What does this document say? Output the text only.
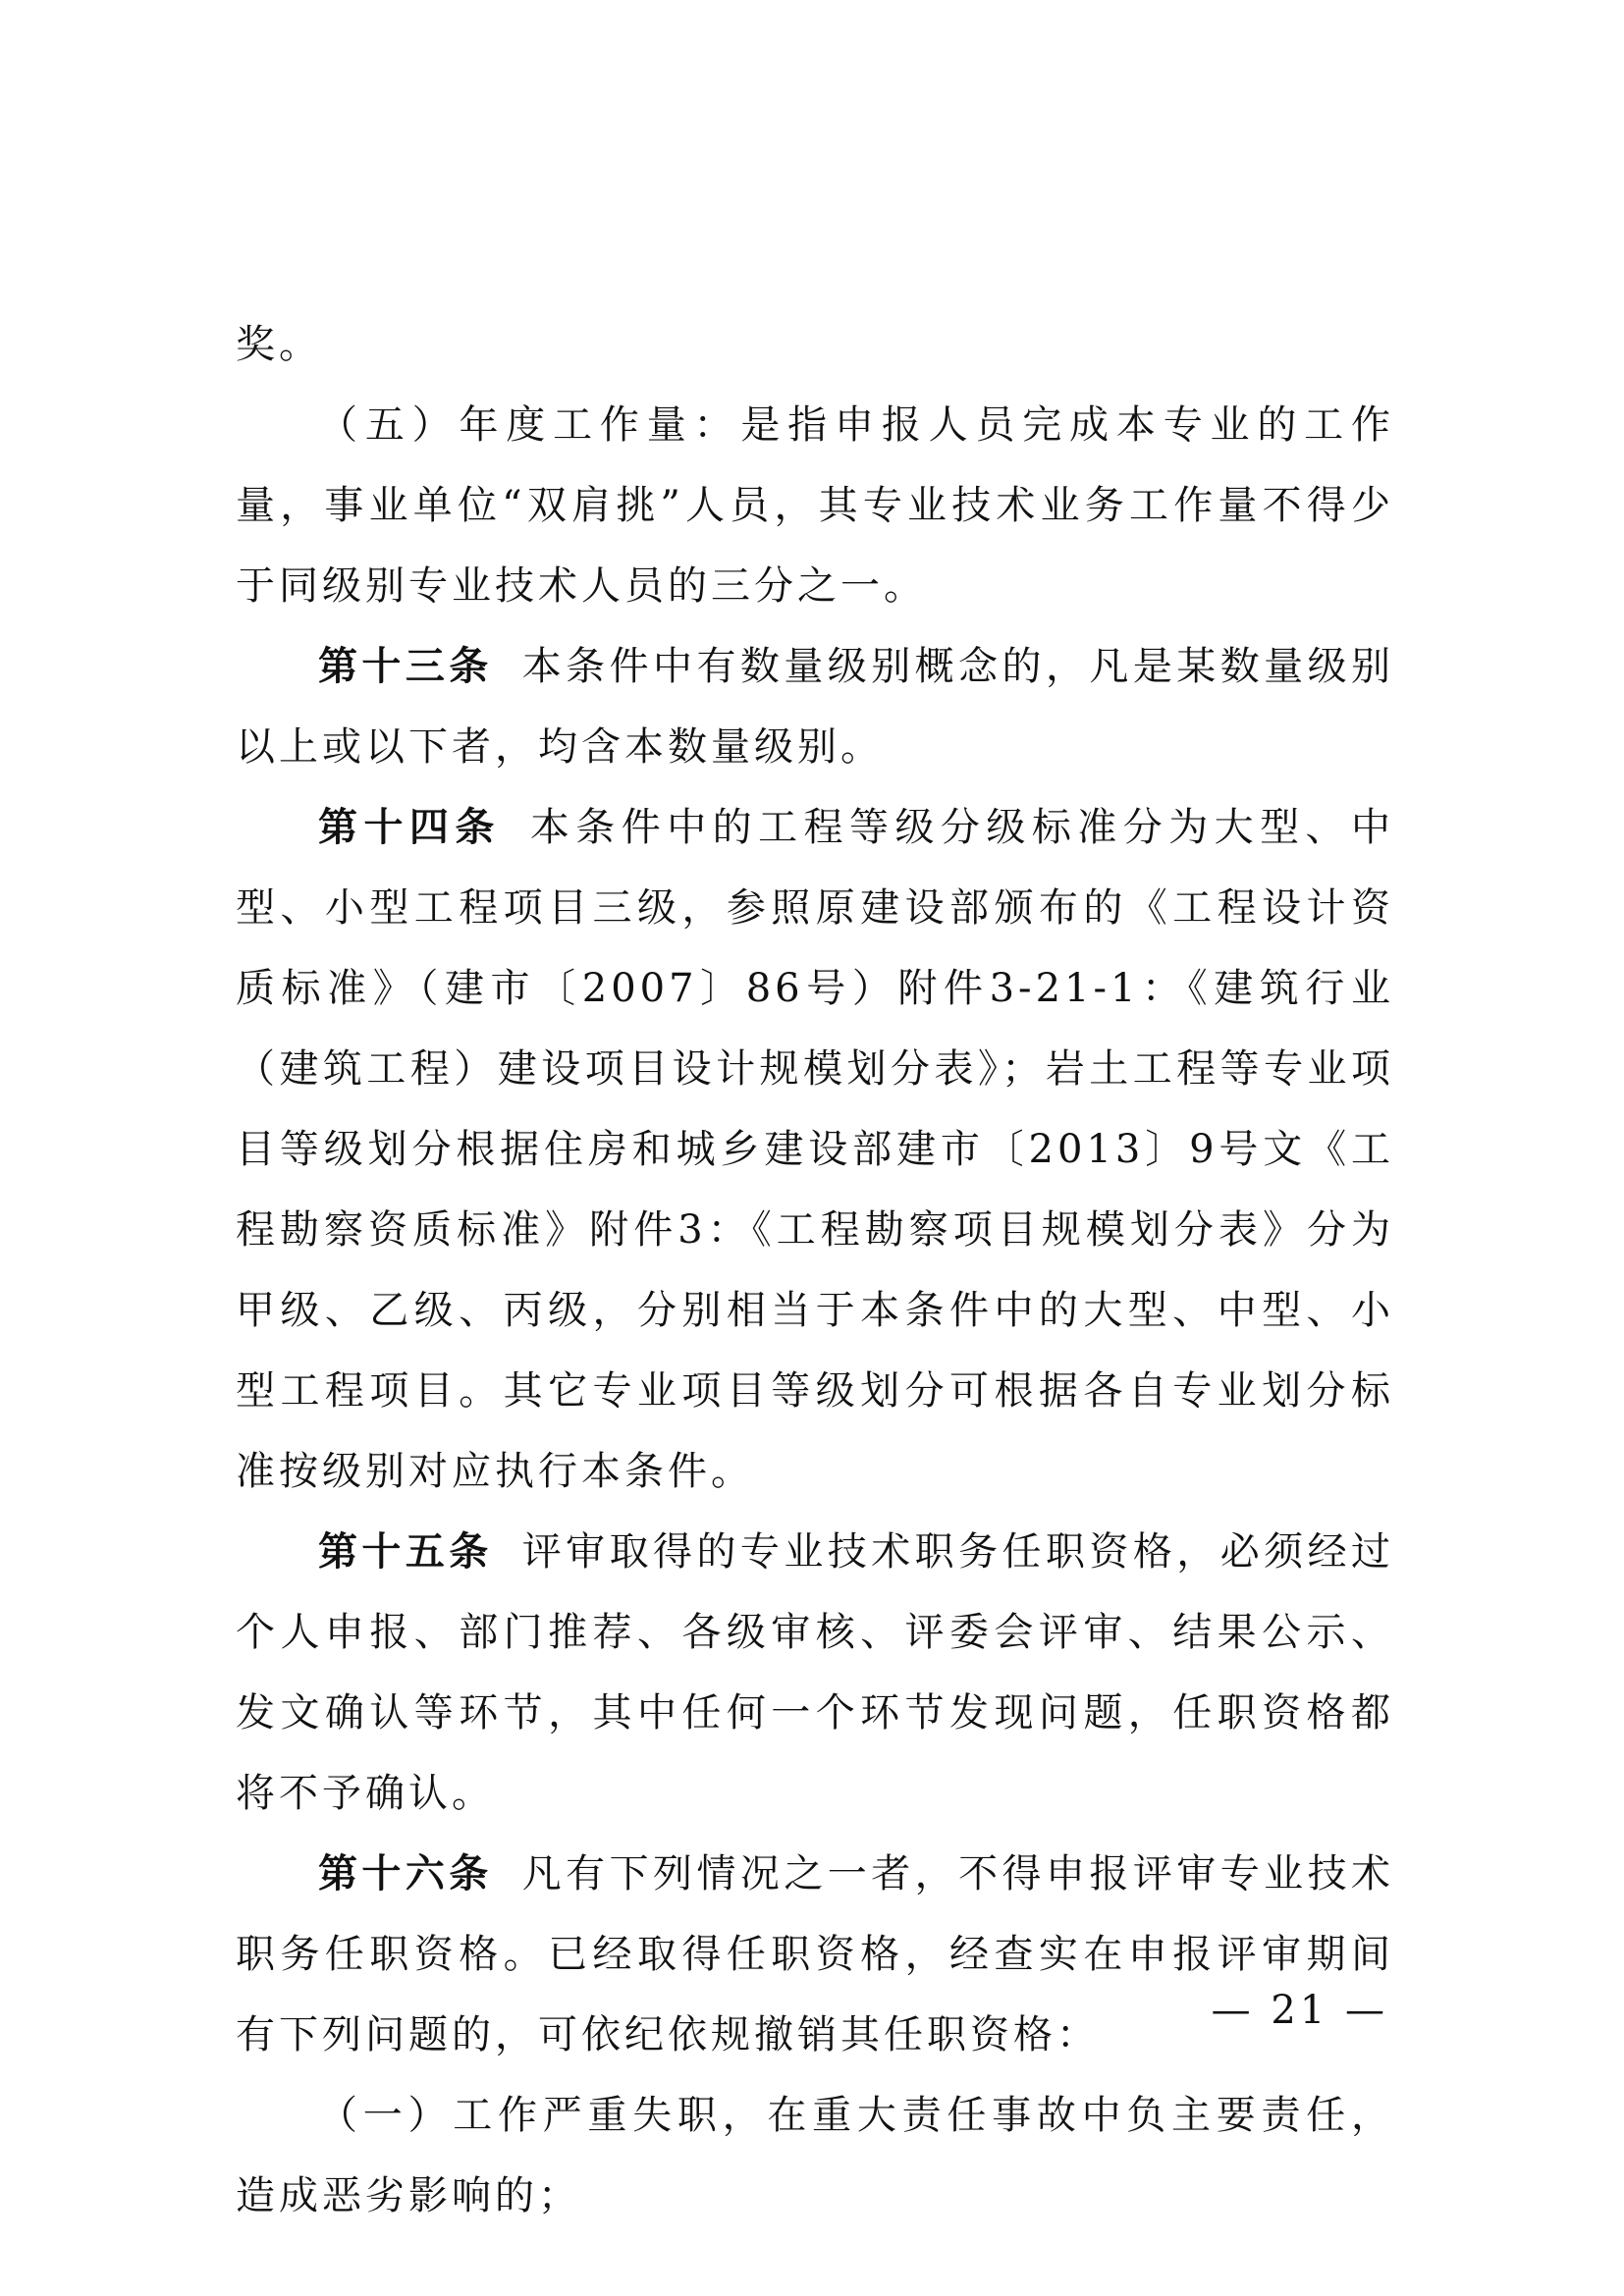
奖。

（五）年度工作量：是指申报人员完成本专业的工作量，事业单位“双肩挑”人员，其专业技术业务工作量不得少于同级别专业技术人员的三分之一。

第十三条 本条件中有数量级别概念的，凡是某数量级别以上或以下者，均含本数量级别。

第十四条 本条件中的工程等级分级标准分为大型、中型、小型工程项目三级，参照原建设部颁布的《工程设计资质标准》（建市〔2007〕86号）附件3-21-1：《建筑行业（建筑工程）建设项目设计规模划分表》；岩土工程等专业项目等级划分根据住房和城乡建设部建市〔2013〕9号文《工程勘察资质标准》附件3：《工程勘察项目规模划分表》分为甲级、乙级、丙级，分别相当于本条件中的大型、中型、小型工程项目。其它专业项目等级划分可根据各自专业划分标准按级别对应执行本条件。

第十五条 评审取得的专业技术职务任职资格，必须经过个人申报、部门推荐、各级审核、评委会评审、结果公示、发文确认等环节，其中任何一个环节发现问题，任职资格都将不予确认。

第十六条 凡有下列情况之一者，不得申报评审专业技术职务任职资格。已经取得任职资格，经查实在申报评审期间有下列问题的，可依纪依规撤销其任职资格：

（一）工作严重失职，在重大责任事故中负主要责任，造成恶劣影响的；

— 21 —
